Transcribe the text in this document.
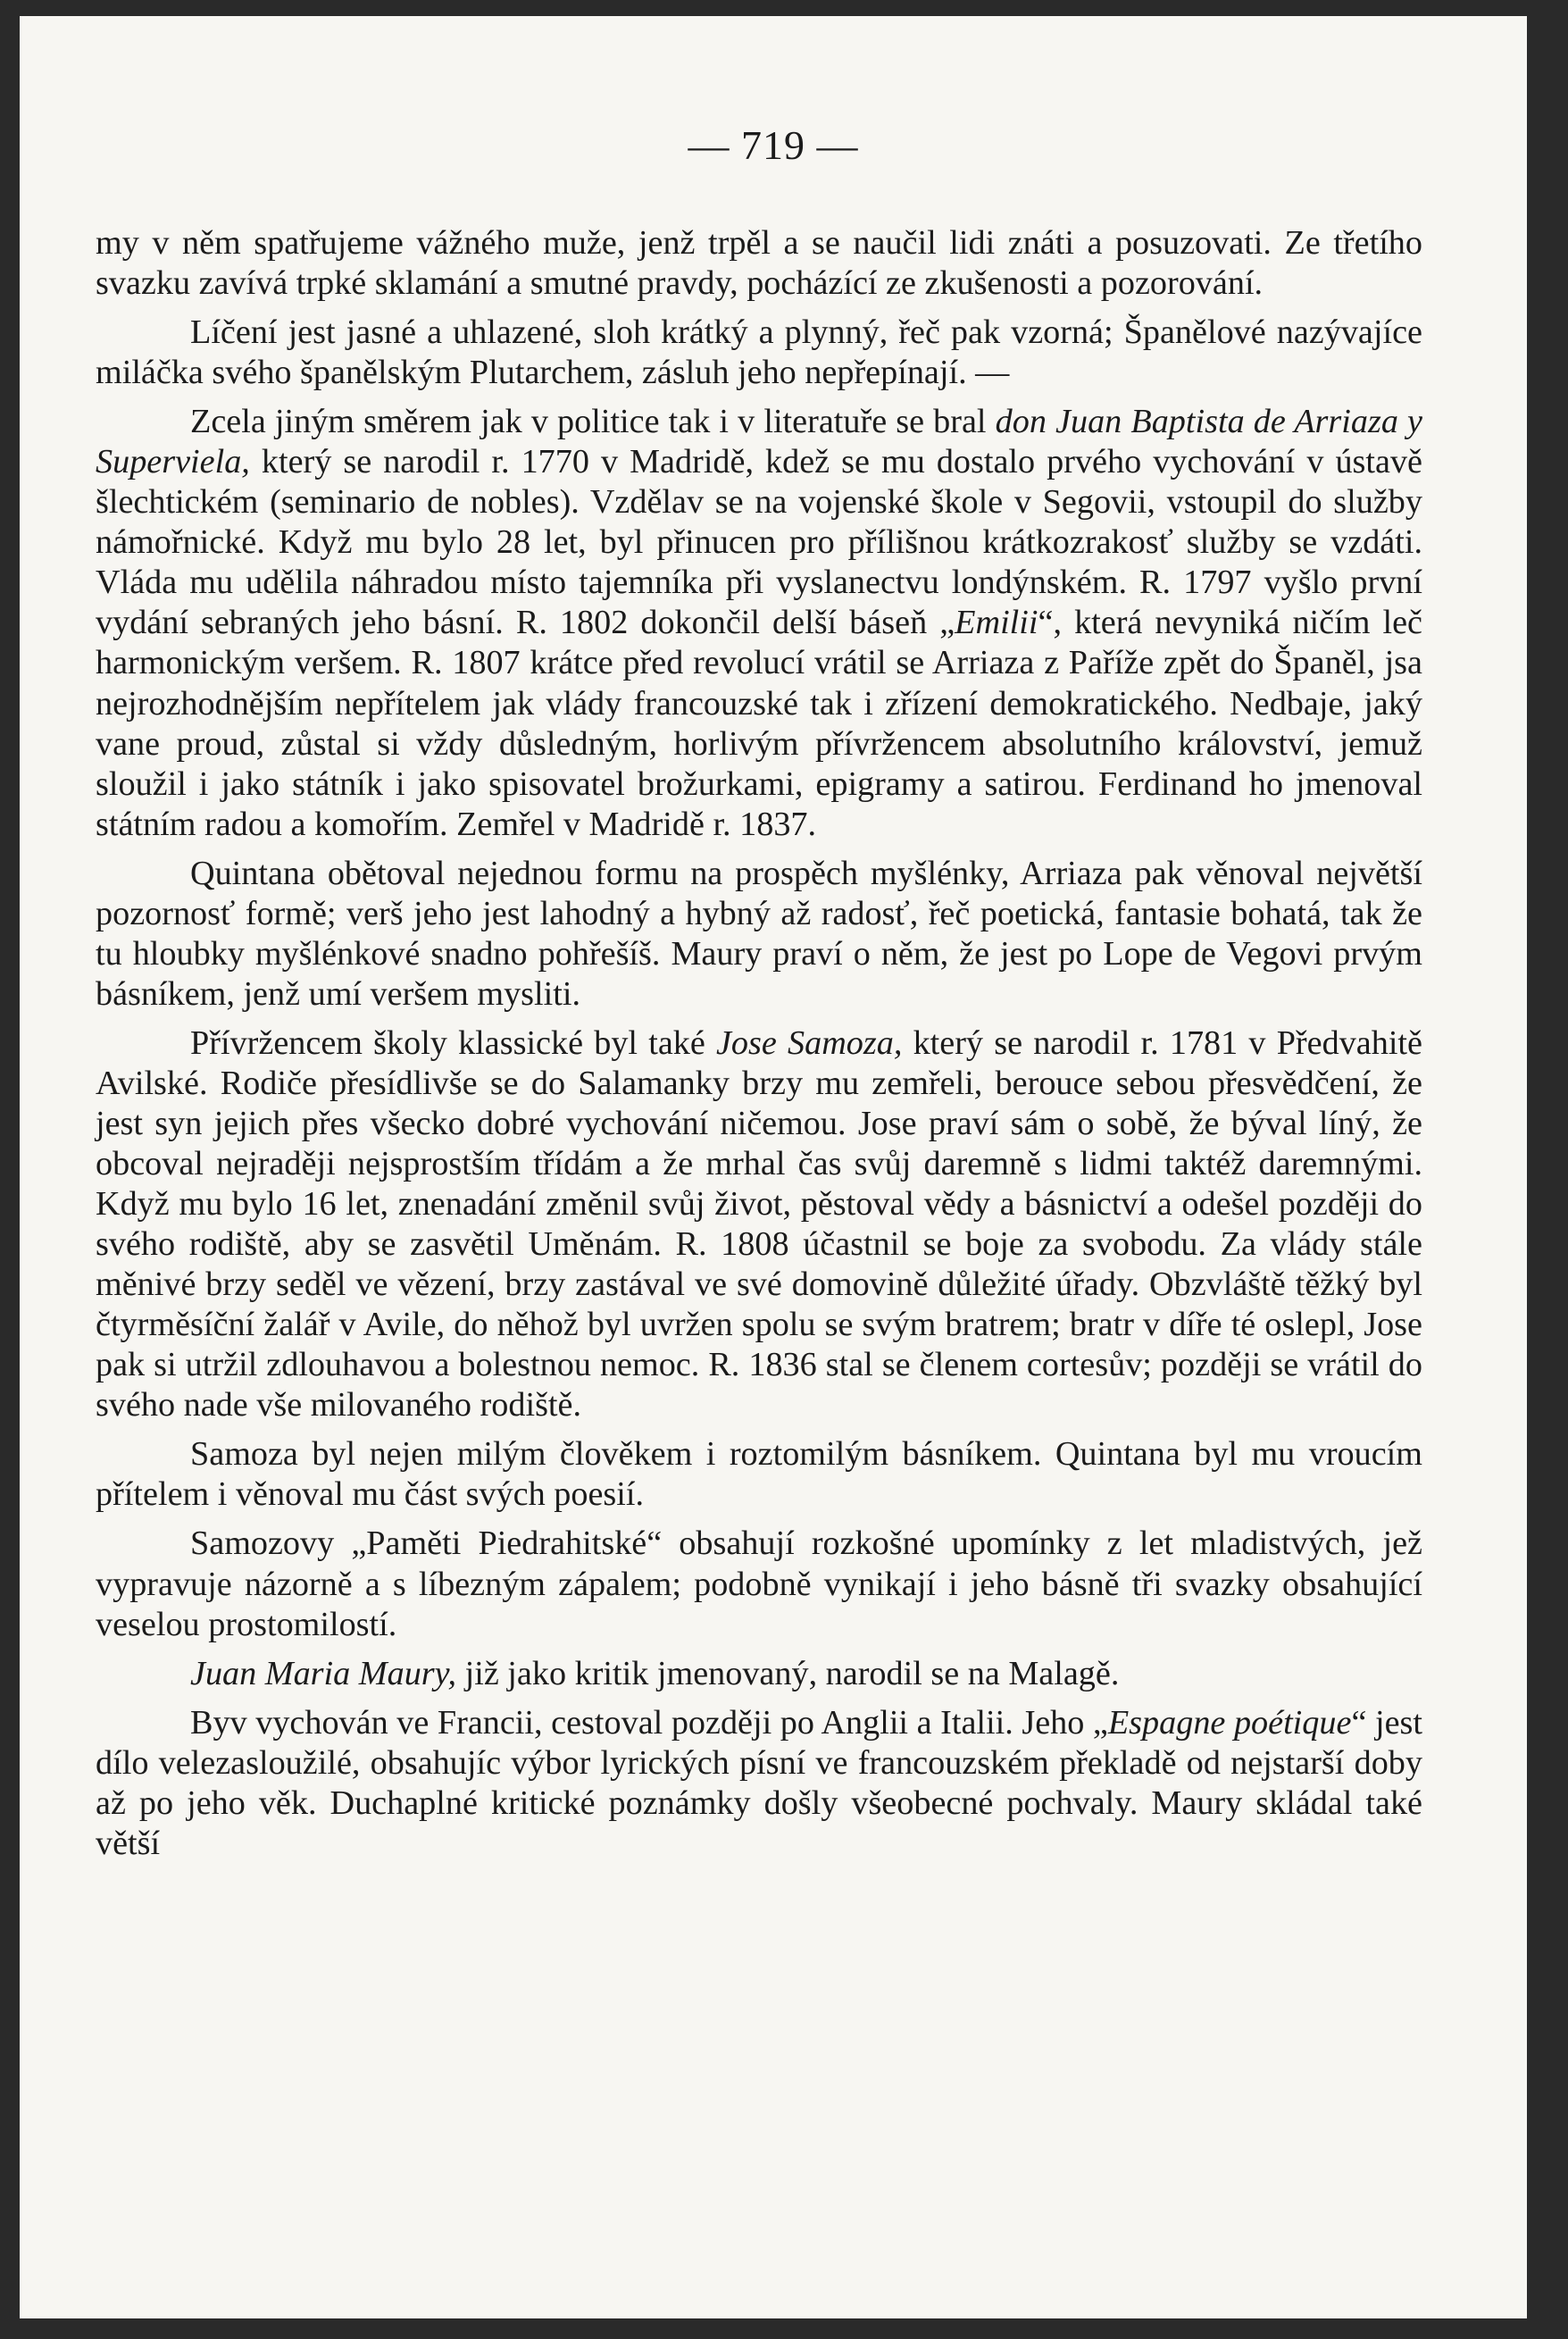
— 719 —

my v něm spatřujeme vážného muže, jenž trpěl a se naučil lidi znáti a posuzovati. Ze třetího svazku zavívá trpké sklamání a smutné pravdy, pocházící ze zkušenosti a pozorování.

Líčení jest jasné a uhlazené, sloh krátký a plynný, řeč pak vzorná; Španělové nazývajíce miláčka svého španělským Plutarchem, zásluh jeho nepřepínají. —

Zcela jiným směrem jak v politice tak i v literatuře se bral don Juan Baptista de Arriaza y Superviela, který se narodil r. 1770 v Madridě, kdež se mu dostalo prvého vychování v ústavě šlechtickém (seminario de nobles). Vzdělav se na vojenské škole v Segovii, vstoupil do služby námořnické. Když mu bylo 28 let, byl přinucen pro přílišnou krátkozrakosť služby se vzdáti. Vláda mu udělila náhradou místo tajemníka při vyslanectvu londýnském. R. 1797 vyšlo první vydání sebraných jeho básní. R. 1802 dokončil delší báseň „Emilii“, která nevyniká ničím leč harmonickým veršem. R. 1807 krátce před revolucí vrátil se Arriaza z Paříže zpět do Španěl, jsa nejrozhodnějším nepřítelem jak vlády francouzské tak i zřízení demokratického. Nedbaje, jaký vane proud, zůstal si vždy důsledným, horlivým přívržencem absolutního království, jemuž sloužil i jako státník i jako spisovatel brožurkami, epigramy a satirou. Ferdinand ho jmenoval státním radou a komořím. Zemřel v Madridě r. 1837.

Quintana obětoval nejednou formu na prospěch myšlénky, Arriaza pak věnoval největší pozornosť formě; verš jeho jest lahodný a hybný až radosť, řeč poetická, fantasie bohatá, tak že tu hloubky myšlénkové snadno pohřešíš. Maury praví o něm, že jest po Lope de Vegovi prvým básníkem, jenž umí veršem mysliti.

Přívržencem školy klassické byl také Jose Samoza, který se narodil r. 1781 v Předvahitě Avilské. Rodiče přesídlivše se do Salamanky brzy mu zemřeli, berouce sebou přesvědčení, že jest syn jejich přes všecko dobré vychování ničemou. Jose praví sám o sobě, že býval líný, že obcoval nejraději nejsprostším třídám a že mrhal čas svůj daremně s lidmi taktéž daremnými. Když mu bylo 16 let, znenadání změnil svůj život, pěstoval vědy a básnictví a odešel později do svého rodiště, aby se zasvětil Uměnám. R. 1808 účastnil se boje za svobodu. Za vlády stále měnivé brzy seděl ve vězení, brzy zastával ve své domovině důležité úřady. Obzvláště těžký byl čtyrměsíční žalář v Avile, do něhož byl uvržen spolu se svým bratrem; bratr v díře té oslepl, Jose pak si utržil zdlouhavou a bolestnou nemoc. R. 1836 stal se členem cortesův; později se vrátil do svého nade vše milovaného rodiště.

Samoza byl nejen milým člověkem i roztomilým básníkem. Quintana byl mu vroucím přítelem i věnoval mu část svých poesií.

Samozovy „Paměti Piedrahitské“ obsahují rozkošné upomínky z let mladistvých, jež vypravuje názorně a s líbezným zápalem; podobně vynikají i jeho básně tři svazky obsahující veselou prostomilostí.

Juan Maria Maury, již jako kritik jmenovaný, narodil se na Malagě.

Byv vychován ve Francii, cestoval později po Anglii a Italii. Jeho „Espagne poétique“ jest dílo velezasloužilé, obsahujíc výbor lyrických písní ve francouzském překladě od nejstarší doby až po jeho věk. Duchaplné kritické poznámky došly všeobecné pochvaly. Maury skládal také větší
